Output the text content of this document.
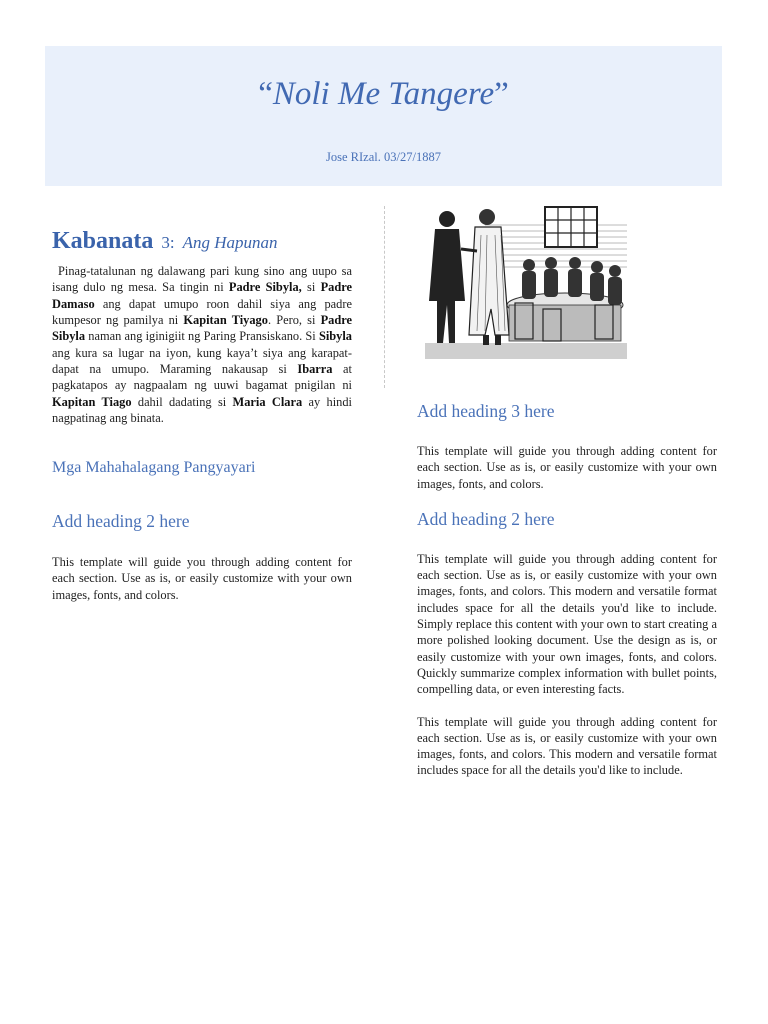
“Noli Me Tangere”
Jose RIzal. 03/27/1887
Kabanata 3: Ang Hapunan

Pinag-tatalunan ng dalawang pari kung sino ang uupo sa isang dulo ng mesa. Sa tingin ni Padre Sibyla, si Padre Damaso ang dapat umupo roon dahil siya ang padre kumpesor ng pamilya ni Kapitan Tiyago. Pero, si Padre Sibyla naman ang iginigiit ng Paring Pransiskano. Si Sibyla ang kura sa lugar na iyon, kung kaya’t siya ang karapat-dapat na umupo. Maraming nakausap si Ibarra at pagkatapos ay nagpaalam ng uuwi bagamat pnigilan ni Kapitan Tiago dahil dadating si Maria Clara ay hindi nagpatinag ang binata.

Mga Mahahalagang Pangyayari
Add heading 2 here

This template will guide you through adding content for each section. Use as is, or easily customize with your own images, fonts, and colors.

Add heading 3 here

This template will guide you through adding content for each section. Use as is, or easily customize with your own images, fonts, and colors.

Add heading 2 here

This template will guide you through adding content for each section. Use as is, or easily customize with your own images, fonts, and colors. This modern and versatile format includes space for all the details you'd like to include. Simply replace this content with your own to start creating a more polished looking document. Use the design as is, or easily customize with your own images, fonts, and colors. Quickly summarize complex information with bullet points, compelling data, or even interesting facts.

This template will guide you through adding content for each section. Use as is, or easily customize with your own images, fonts, and colors. This modern and versatile format includes space for all the details you'd like to include.
